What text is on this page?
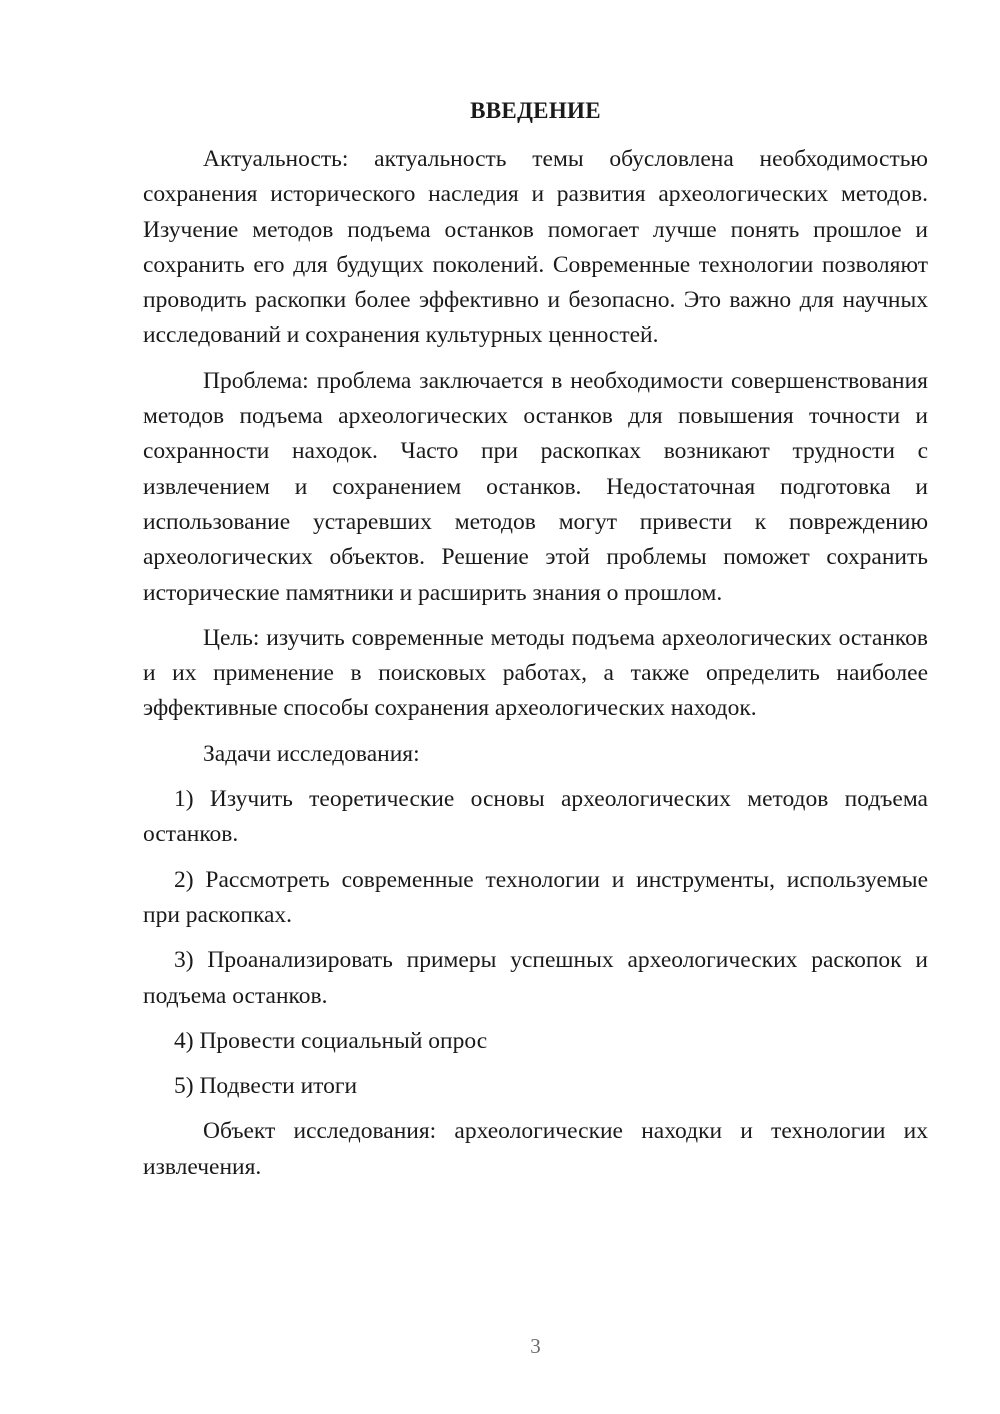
ВВЕДЕНИЕ

Актуальность: актуальность темы обусловлена необходимостью сохранения исторического наследия и развития археологических методов. Изучение методов подъема останков помогает лучше понять прошлое и сохранить его для будущих поколений. Современные технологии позволяют проводить раскопки более эффективно и безопасно. Это важно для научных исследований и сохранения культурных ценностей.

Проблема: проблема заключается в необходимости совершенствования методов подъема археологических останков для повышения точности и сохранности находок. Часто при раскопках возникают трудности с извлечением и сохранением останков. Недостаточная подготовка и использование устаревших методов могут привести к повреждению археологических объектов. Решение этой проблемы поможет сохранить исторические памятники и расширить знания о прошлом.

Цель: изучить современные методы подъема археологических останков и их применение в поисковых работах, а также определить наиболее эффективные способы сохранения археологических находок.

Задачи исследования:

1) Изучить теоретические основы археологических методов подъема останков.

2) Рассмотреть современные технологии и инструменты, используемые при раскопках.

3) Проанализировать примеры успешных археологических раскопок и подъема останков.

4) Провести социальный опрос

5) Подвести итоги

Объект исследования: археологические находки и технологии их извлечения.

3
